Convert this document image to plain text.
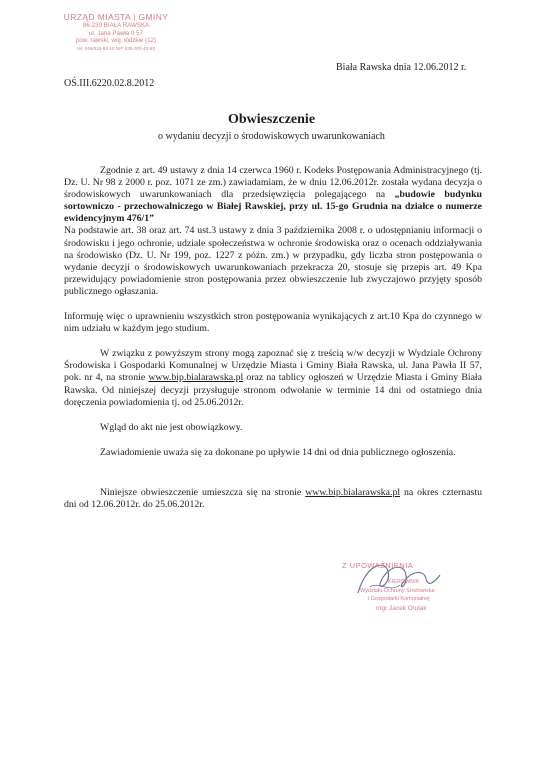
URZĄD MIASTA i GMINY
96-230 BIAŁA RAWSKA
ul. Jana Pawła II 57
pow. rawski, woj. łódzkie (12)
tel. 046/815-93-15 NIP 835-000-40-93
OŚ.III.6220.02.8.2012
Biała Rawska dnia 12.06.2012 r.
Obwieszczenie
o wydaniu decyzji o środowiskowych uwarunkowaniach

Zgodnie z art. 49 ustawy z dnia 14 czerwca 1960 r. Kodeks Postępowania Administracyjnego (tj. Dz. U. Nr 98 z 2000 r. poz. 1071 ze zm.) zawiadamiam, że w dniu 12.06.2012r. została wydana decyzja o środowiskowych uwarunkowaniach dla przedsięwzięcia polegającego na „budowie budynku sortowniczo - przechowalniczego w Białej Rawskiej, przy ul. 15-go Grudnia na działce o numerze ewidencyjnym 476/1”

Na podstawie art. 38 oraz art. 74 ust.3 ustawy z dnia 3 października 2008 r. o udostępnianiu informacji o środowisku i jego ochronie, udziale społeczeństwa w ochronie środowiska oraz o ocenach oddziaływania na środowisko (Dz. U. Nr 199, poz. 1227 z późn. zm.) w przypadku, gdy liczba stron postępowania o wydanie decyzji o środowiskowych uwarunkowaniach przekracza 20, stosuje się przepis art. 49 Kpa przewidujący powiadomienie stron postępowania przez obwieszczenie lub zwyczajowo przyjęty sposób publicznego ogłaszania.

Informuję więc o uprawnieniu wszystkich stron postępowania wynikających z art.10 Kpa do czynnego w nim udziału w każdym jego studium.

W związku z powyższym strony mogą zapoznać się z treścią w/w decyzji w Wydziale Ochrony Środowiska i Gospodarki Komunalnej w Urzędzie Miasta i Gminy Biała Rawska, ul. Jana Pawła II 57, pok. nr 4, na stronie www.bip.bialarawska.pl oraz na tablicy ogłoszeń w Urzędzie Miasta i Gminy Biała Rawska. Od niniejszej decyzji przysługuje stronom odwołanie w terminie 14 dni od ostatniego dnia doręczenia powiadomienia tj. od 25.06.2012r.

Wgląd do akt nie jest obowiązkowy.

Zawiadomienie uważa się za dokonane po upływie 14 dni od dnia publicznego ogłoszenia.

Niniejsze obwieszczenie umieszcza się na stronie www.bip.bialarawska.pl na okres czternastu dni od 12.06.2012r. do 25.06.2012r.

Z UPOWAŻNIENIA
KIEROWNIK
Wydziału Ochrony Środowiska
i Gospodarki Komunalnej
mgr Jacek Otulak
